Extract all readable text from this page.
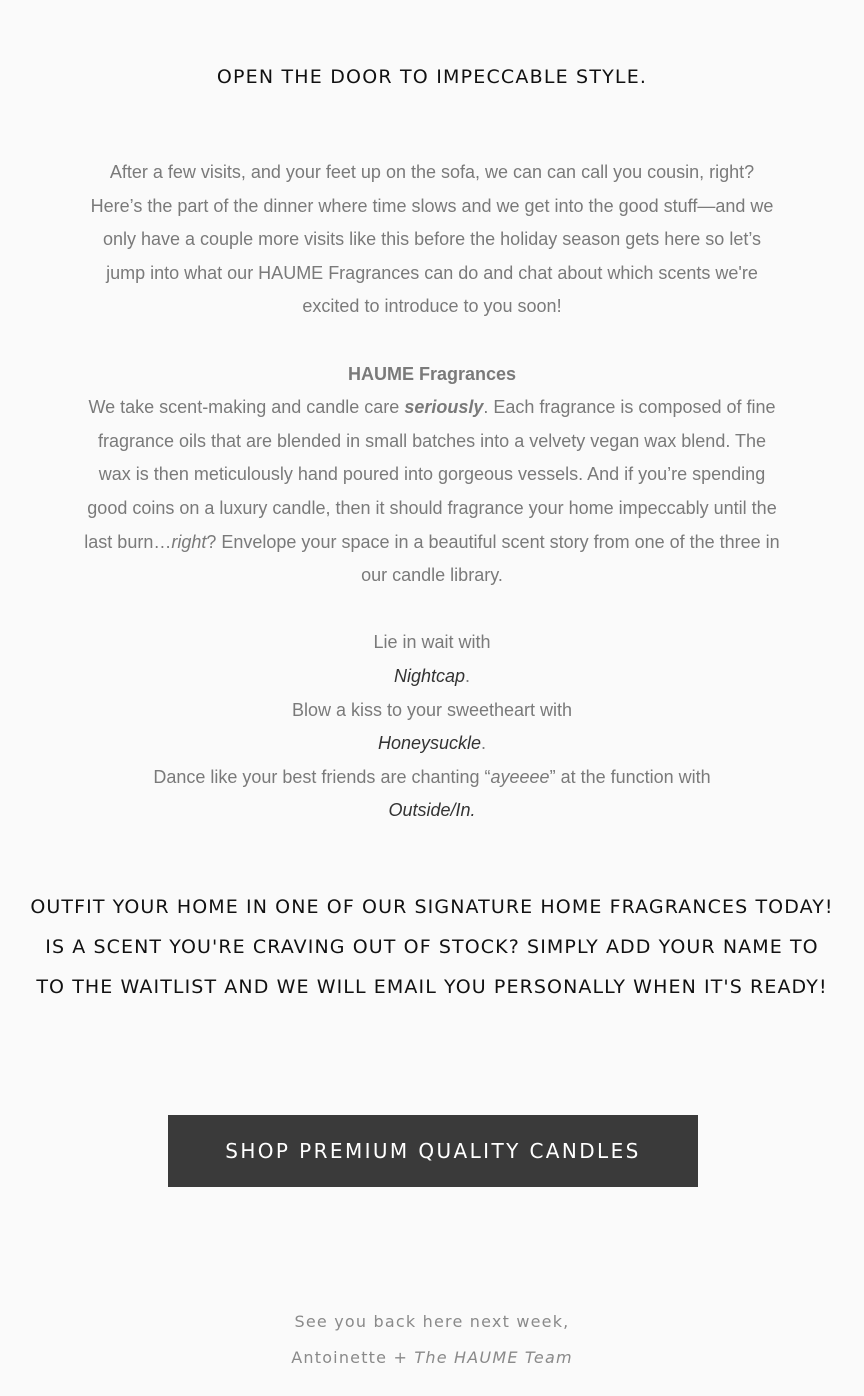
OPEN THE DOOR TO IMPECCABLE STYLE.

After a few visits, and your feet up on the sofa, we can can call you cousin, right? Here’s the part of the dinner where time slows and we get into the good stuff—and we only have a couple more visits like this before the holiday season gets here so let’s jump into what our HAUME Fragrances can do and chat about which scents we're excited to introduce to you soon!

HAUME Fragrances

We take scent-making and candle care seriously. Each fragrance is composed of fine fragrance oils that are blended in small batches into a velvety vegan wax blend. The wax is then meticulously hand poured into gorgeous vessels. And if you’re spending good coins on a luxury candle, then it should fragrance your home impeccably until the last burn…right? Envelope your space in a beautiful scent story from one of the three in our candle library.

Lie in wait with

Nightcap.

Blow a kiss to your sweetheart with

Honeysuckle.

Dance like your best friends are chanting “ayeeee” at the function with

Outside/In.

OUTFIT YOUR HOME IN ONE OF OUR SIGNATURE HOME FRAGRANCES TODAY!

IS A SCENT YOU'RE CRAVING OUT OF STOCK? SIMPLY ADD YOUR NAME TO TO THE WAITLIST AND WE WILL EMAIL YOU PERSONALLY WHEN IT'S READY!

SHOP PREMIUM QUALITY CANDLES

See you back here next week,

Antoinette + The HAUME Team
